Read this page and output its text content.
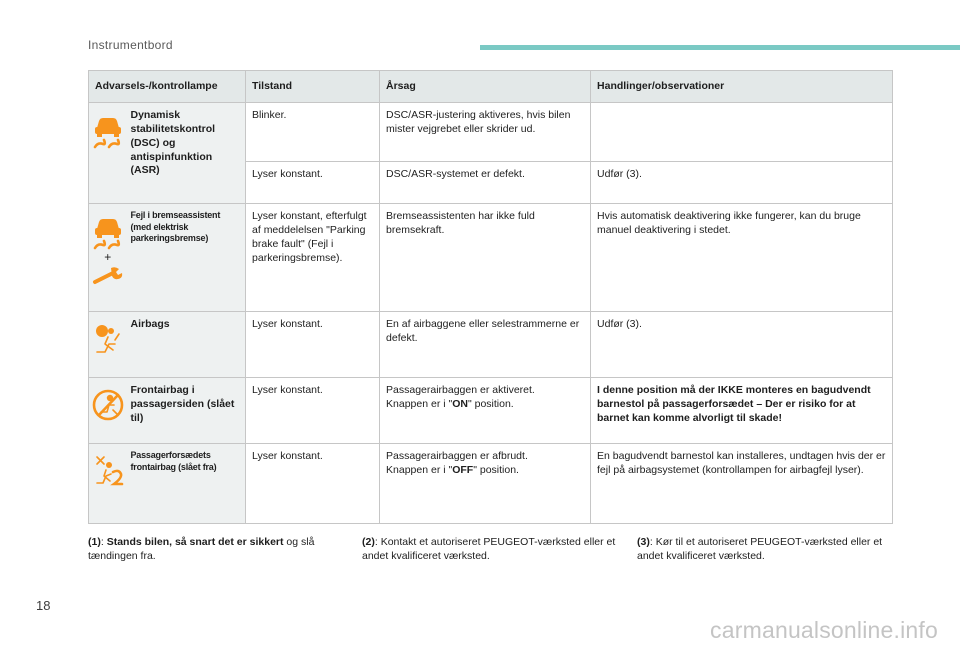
Instrumentbord
Advarsels-/kontrollampe		Tilstand	Årsag	Handlinger/observationer

	Dynamisk stabilitetskontrol (DSC) og antispinfunktion (ASR)	Blinker.	DSC/ASR-justering aktiveres, hvis bilen mister vejgrebet eller skrider ud.	
		Lyser konstant.	DSC/ASR-systemet er defekt.	Udfør (3).

+	Fejl i bremseassistent (med elektrisk parkeringsbremse)	Lyser konstant, efterfulgt af meddelelsen "Parking brake fault" (Fejl i parkeringsbremse).	Bremseassistenten har ikke fuld bremsekraft.	Hvis automatisk deaktivering ikke fungerer, kan du bruge manuel deaktivering i stedet.

	Airbags	Lyser konstant.	En af airbaggene eller selestrammerne er defekt.	Udfør (3).

	Frontairbag i passagersiden (slået til)	Lyser konstant.	Passagerairbaggen er aktiveret.
Knappen er i "ON" position.	I denne position må der IKKE monteres en bagudvendt barnestol på passagerforsædet – Der er risiko for at barnet kan komme alvorligt til skade!

	Passagerforsædets frontairbag (slået fra)	Lyser konstant.	Passagerairbaggen er afbrudt.
Knappen er i "OFF" position.	En bagudvendt barnestol kan installeres, undtagen hvis der er fejl på airbagsystemet (kontrollampen for airbagfejl lyser).
(1): Stands bilen, så snart det er sikkert og slå tændingen fra.
(2): Kontakt et autoriseret PEUGEOT-værksted eller et andet kvalificeret værksted.
(3): Kør til et autoriseret PEUGEOT-værksted eller et andet kvalificeret værksted.
18
carmanualsonline.info
